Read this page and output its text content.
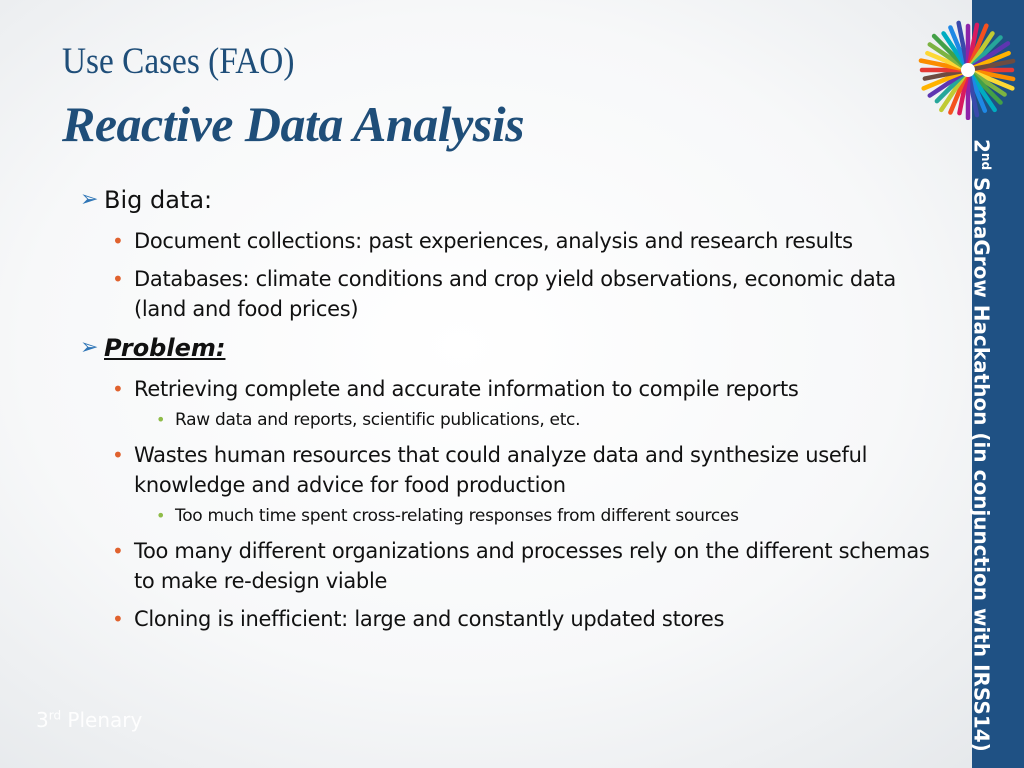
Use Cases (FAO)
Reactive Data Analysis
➢ Big data:
• Document collections: past experiences, analysis and research results
• Databases: climate conditions and crop yield observations, economic data (land and food prices)
➢ Problem:
• Retrieving complete and accurate information to compile reports
• Raw data and reports, scientific publications, etc.
• Wastes human resources that could analyze data and synthesize useful knowledge and advice for food production
• Too much time spent cross-relating responses from different sources
• Too many different organizations and processes rely on the different schemas to make re-design viable
• Cloning is inefficient: large and constantly updated stores
2nd SemaGrow Hackathon (in conjunction with IRSS14)
3rd Plenary
